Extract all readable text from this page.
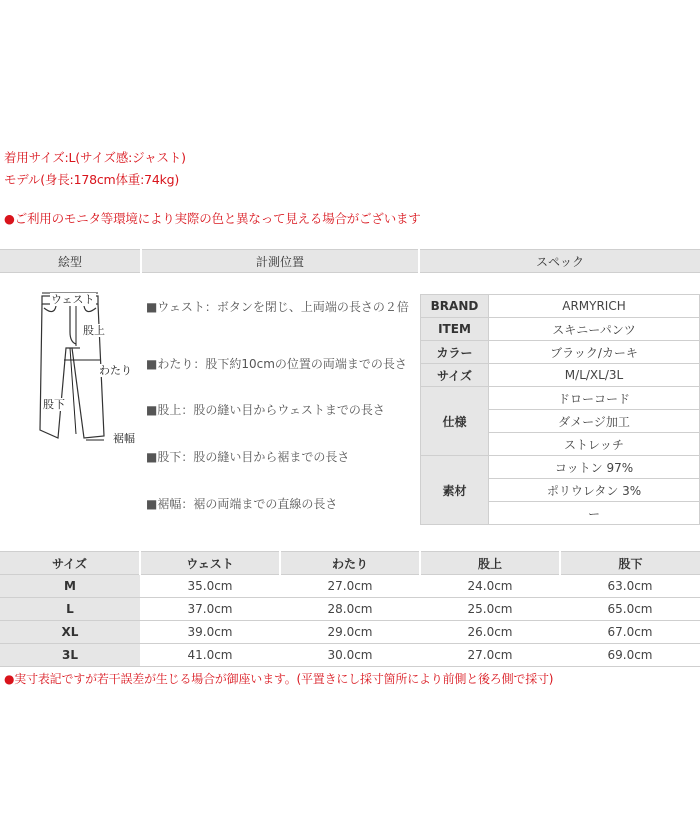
着用サイズ:L(サイズ感:ジャスト)
モデル(身長:178cm体重:74kg)
●ご利用のモニタ等環境により実際の色と異なって見える場合がございます
絵型	計測位置	スペック
ウェスト
股上
わたり
股下
裾幅
■ウェスト：ボタンを閉じ、上両端の長さの２倍
■わたり：股下約10cmの位置の両端までの長さ
■股上：股の縫い目からウェストまでの長さ
■股下：股の縫い目から裾までの長さ
■裾幅：裾の両端までの直線の長さ
BRAND	ARMYRICH
ITEM	スキニーパンツ
カラー	ブラック/カーキ
サイズ	M/L/XL/3L
仕様	ドローコード
	ダメージ加工
	ストレッチ
素材	コットン 97%
	ポリウレタン 3%
	ー
サイズ	ウェスト	わたり	股上	股下
M	35.0cm	27.0cm	24.0cm	63.0cm
L	37.0cm	28.0cm	25.0cm	65.0cm
XL	39.0cm	29.0cm	26.0cm	67.0cm
3L	41.0cm	30.0cm	27.0cm	69.0cm
●実寸表記ですが若干誤差が生じる場合が御座います。(平置きにし採寸箇所により前側と後ろ側で採寸)
